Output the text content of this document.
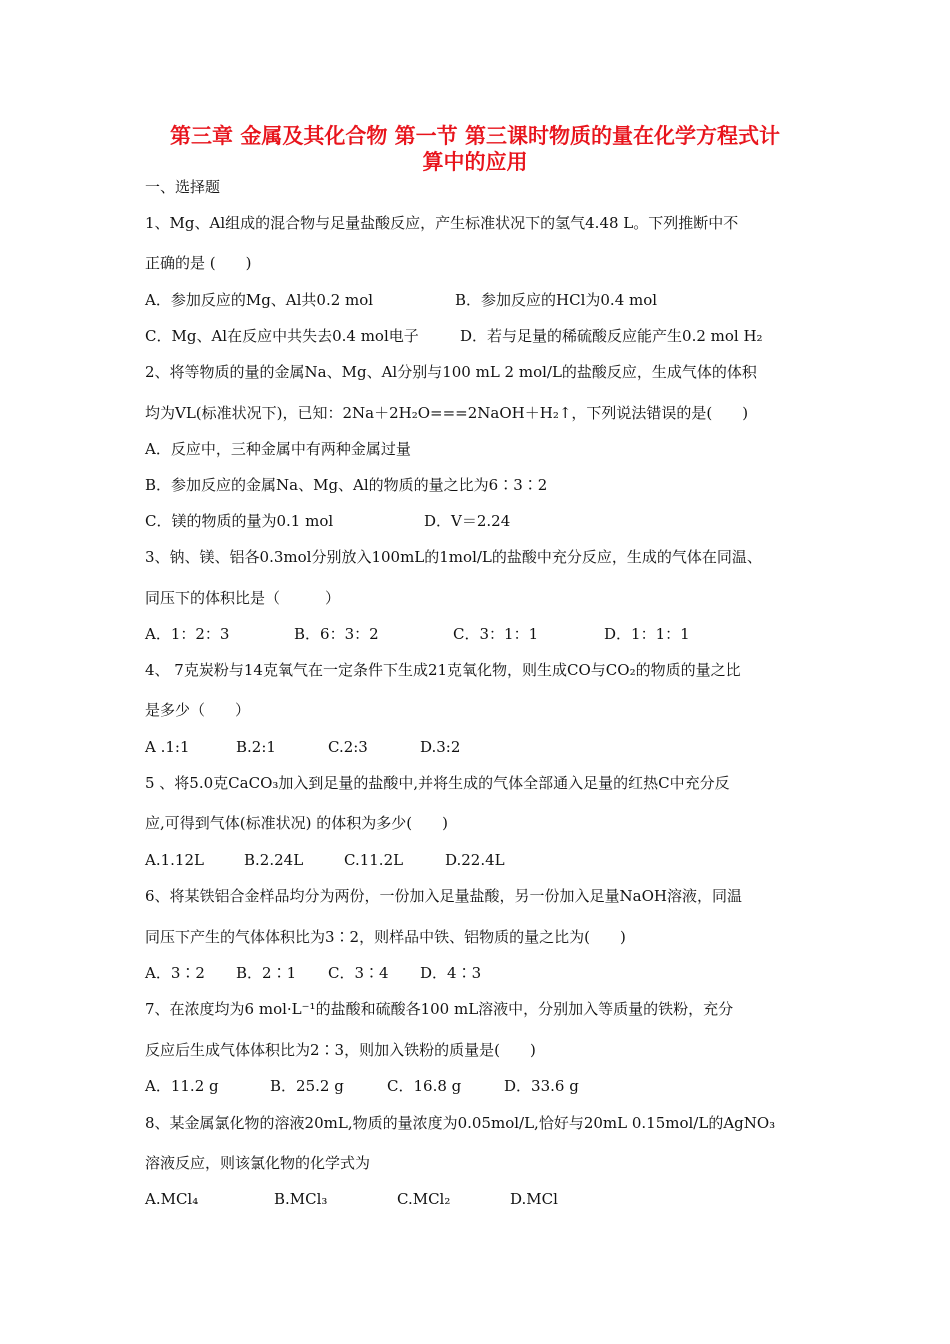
第三章 金属及其化合物 第一节 第三课时物质的量在化学方程式计
算中的应用
一、选择题
1、Mg、Al组成的混合物与足量盐酸反应，产生标准状况下的氢气4.48 L。下列推断中不
正确的是 (　　)
A．参加反应的Mg、Al共0.2 mol	B．参加反应的HCl为0.4 mol
C．Mg、Al在反应中共失去0.4 mol电子	D．若与足量的稀硫酸反应能产生0.2 mol H₂
2、将等物质的量的金属Na、Mg、Al分别与100 mL 2 mol/L的盐酸反应，生成气体的体积
均为VL(标准状况下)，已知：2Na＋2H₂O===2NaOH＋H₂↑，下列说法错误的是(　　)
A．反应中，三种金属中有两种金属过量
B．参加反应的金属Na、Mg、Al的物质的量之比为6∶3∶2
C．镁的物质的量为0.1 mol	D．V＝2.24
3、钠、镁、铝各0.3mol分别放入100mL的1mol/L的盐酸中充分反应，生成的气体在同温、
同压下的体积比是（　　　）
A．1：2：3	B．6：3：2	C．3：1：1	D．1：1：1
4、 7克炭粉与14克氧气在一定条件下生成21克氧化物，则生成CO与CO₂的物质的量之比
是多少（　　）
A .1:1	B.2:1	C.2:3	D.3:2
5 、将5.0克CaCO₃加入到足量的盐酸中,并将生成的气体全部通入足量的红热C中充分反
应,可得到气体(标准状况) 的体积为多少(　　)
A.1.12L	B.2.24L	C.11.2L	D.22.4L
6、将某铁铝合金样品均分为两份，一份加入足量盐酸，另一份加入足量NaOH溶液，同温
同压下产生的气体体积比为3∶2，则样品中铁、铝物质的量之比为(　　)
A．3∶2 B．2∶1 C．3∶4 D．4∶3
7、在浓度均为6 mol·L⁻¹的盐酸和硫酸各100 mL溶液中，分别加入等质量的铁粉，充分
反应后生成气体体积比为2∶3，则加入铁粉的质量是(　　)
A．11.2 g	B．25.2 g	C．16.8 g	D．33.6 g
8、某金属氯化物的溶液20mL,物质的量浓度为0.05mol/L,恰好与20mL 0.15mol/L的AgNO₃
溶液反应，则该氯化物的化学式为
A.MCl₄	B.MCl₃	C.MCl₂	D.MCl
